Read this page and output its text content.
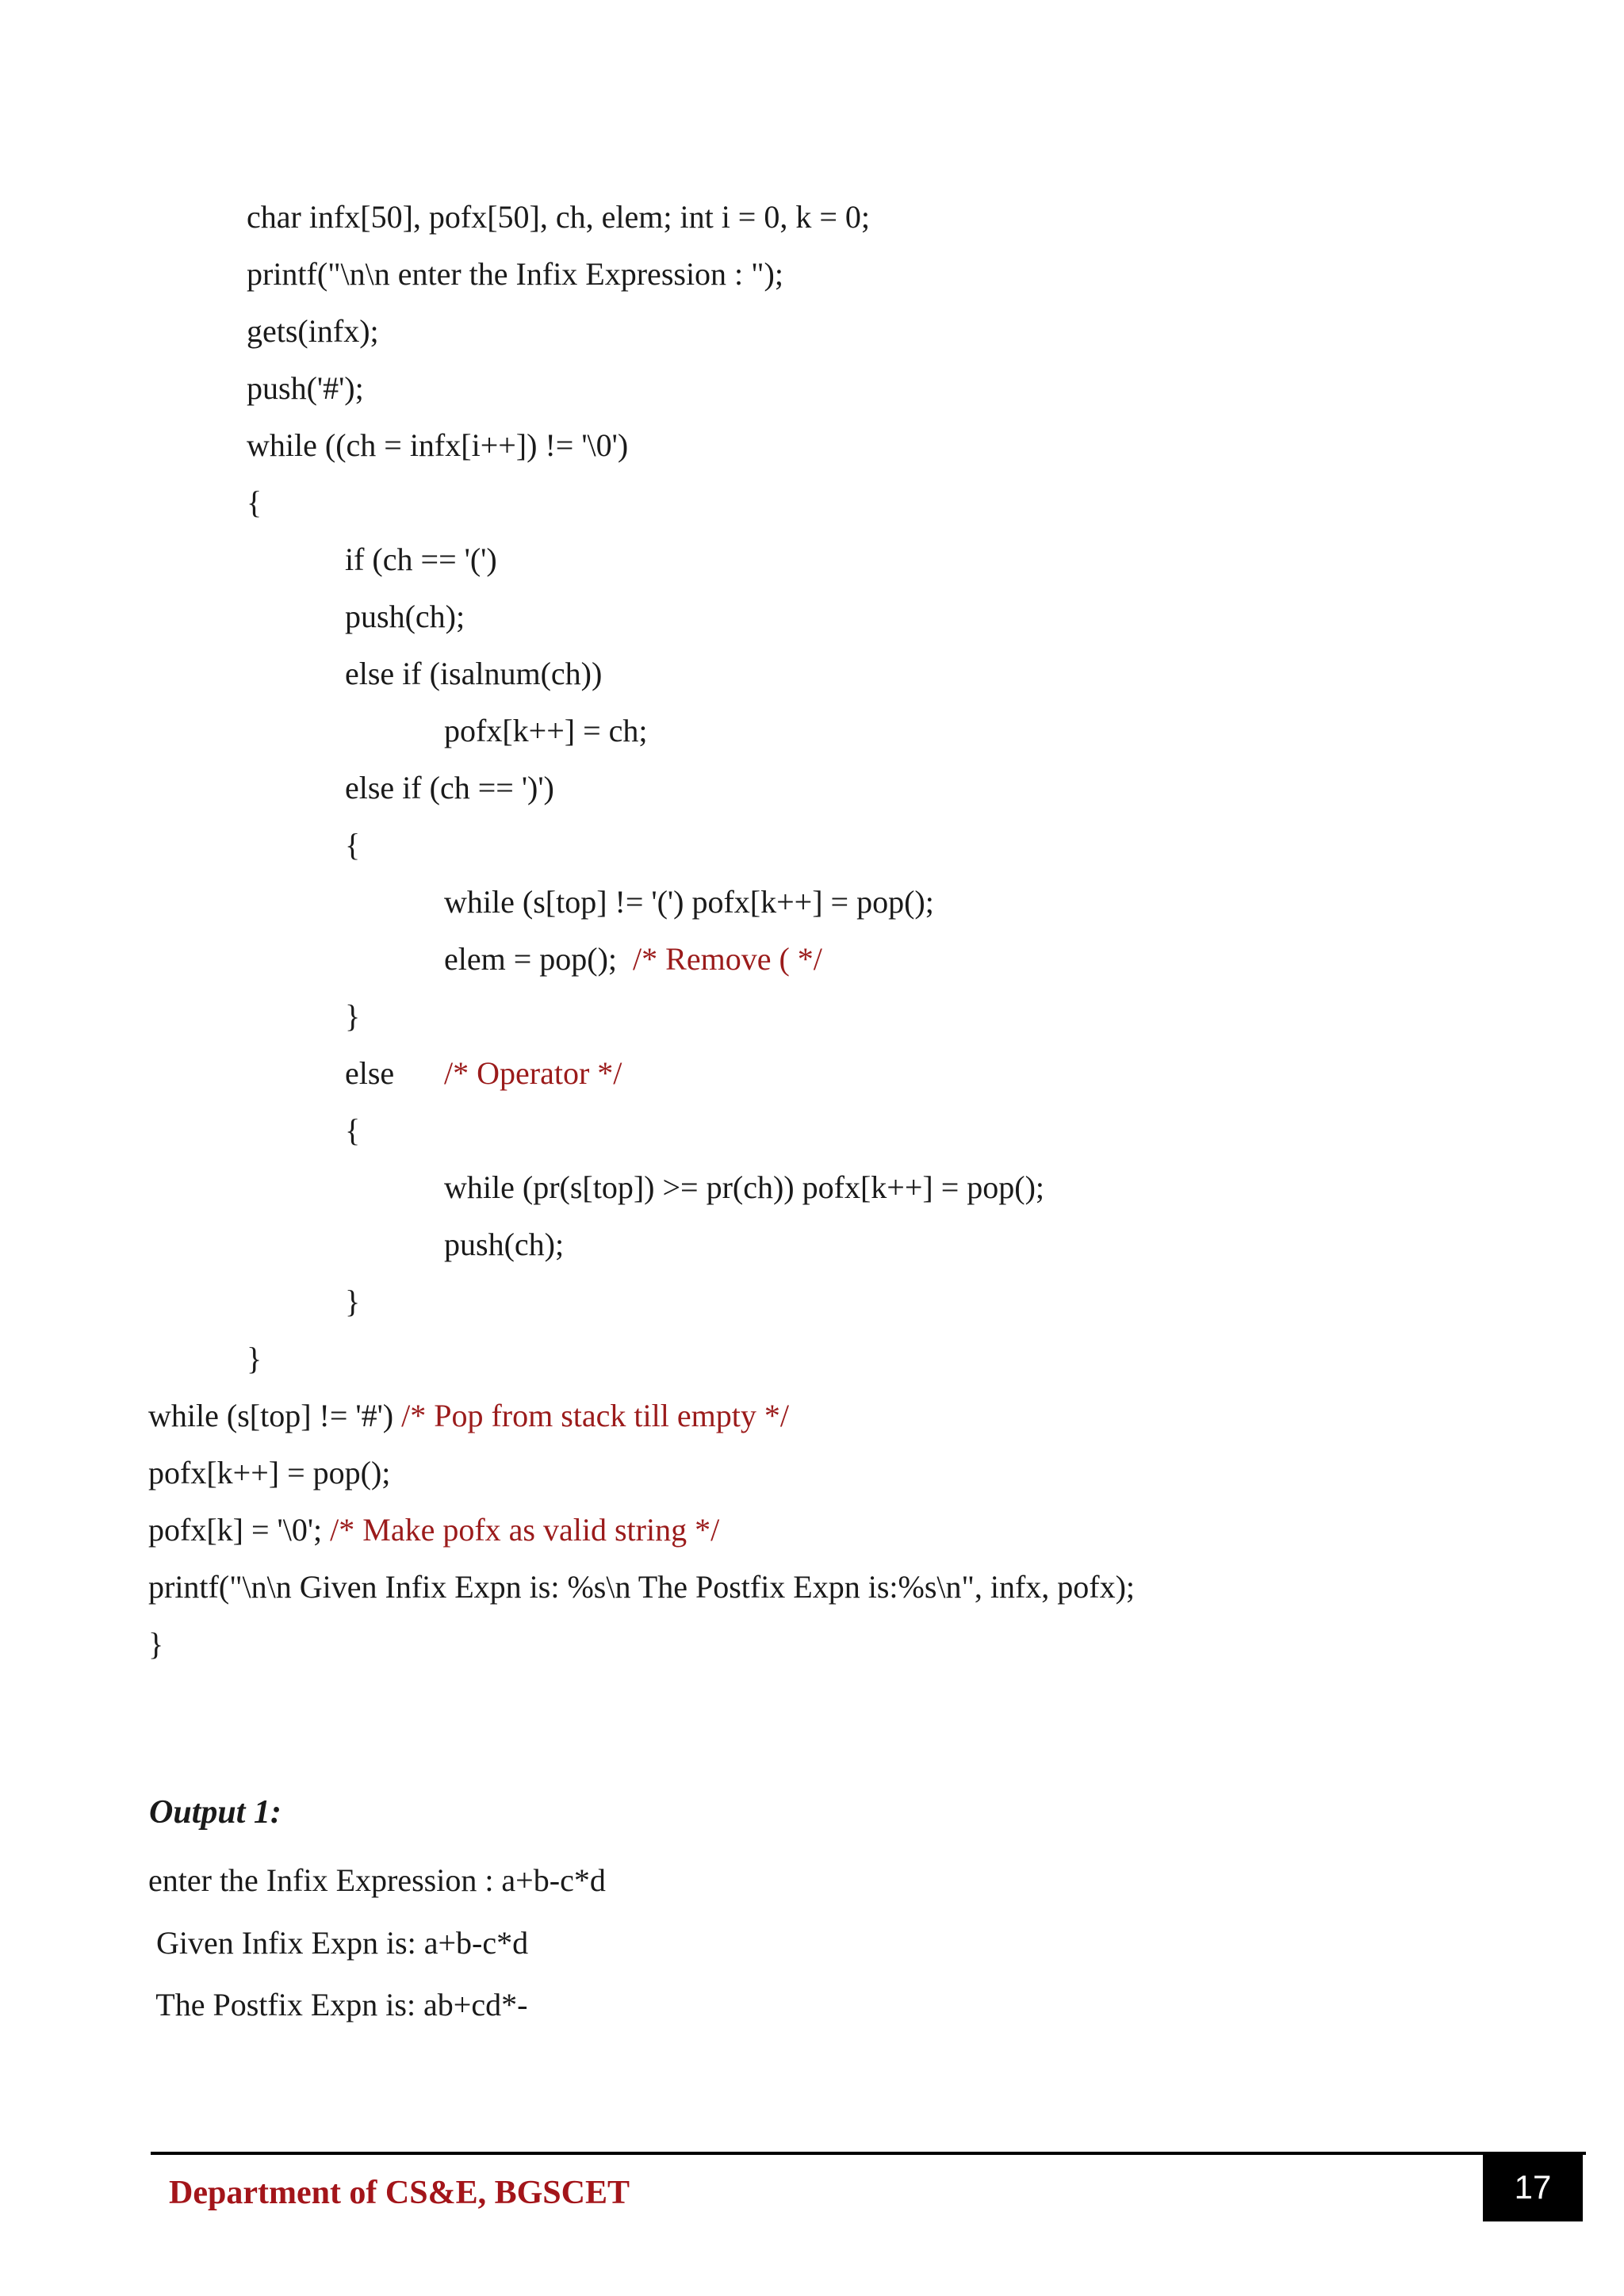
char infx[50], pofx[50], ch, elem; int i = 0, k = 0;
printf("\n\n enter the Infix Expression : ");
gets(infx);
push('#');
while ((ch = infx[i++]) != '\0')
{
if (ch == '(')
push(ch);
else if (isalnum(ch))
pofx[k++] = ch;
else if (ch == ')')
{
while (s[top] != '(') pofx[k++] = pop();
elem = pop(); /* Remove ( */
}
else /* Operator */
{
while (pr(s[top]) >= pr(ch)) pofx[k++] = pop();
push(ch);
}
}
while (s[top] != '#') /* Pop from stack till empty */
pofx[k++] = pop();
pofx[k] = '\0'; /* Make pofx as valid string */
printf("\n\n Given Infix Expn is: %s\n The Postfix Expn is:%s\n", infx, pofx);
}
Output 1:
enter the Infix Expression : a+b-c*d
Given Infix Expn is: a+b-c*d
The Postfix Expn is: ab+cd*-
Department of CS&E, BGSCET	17
